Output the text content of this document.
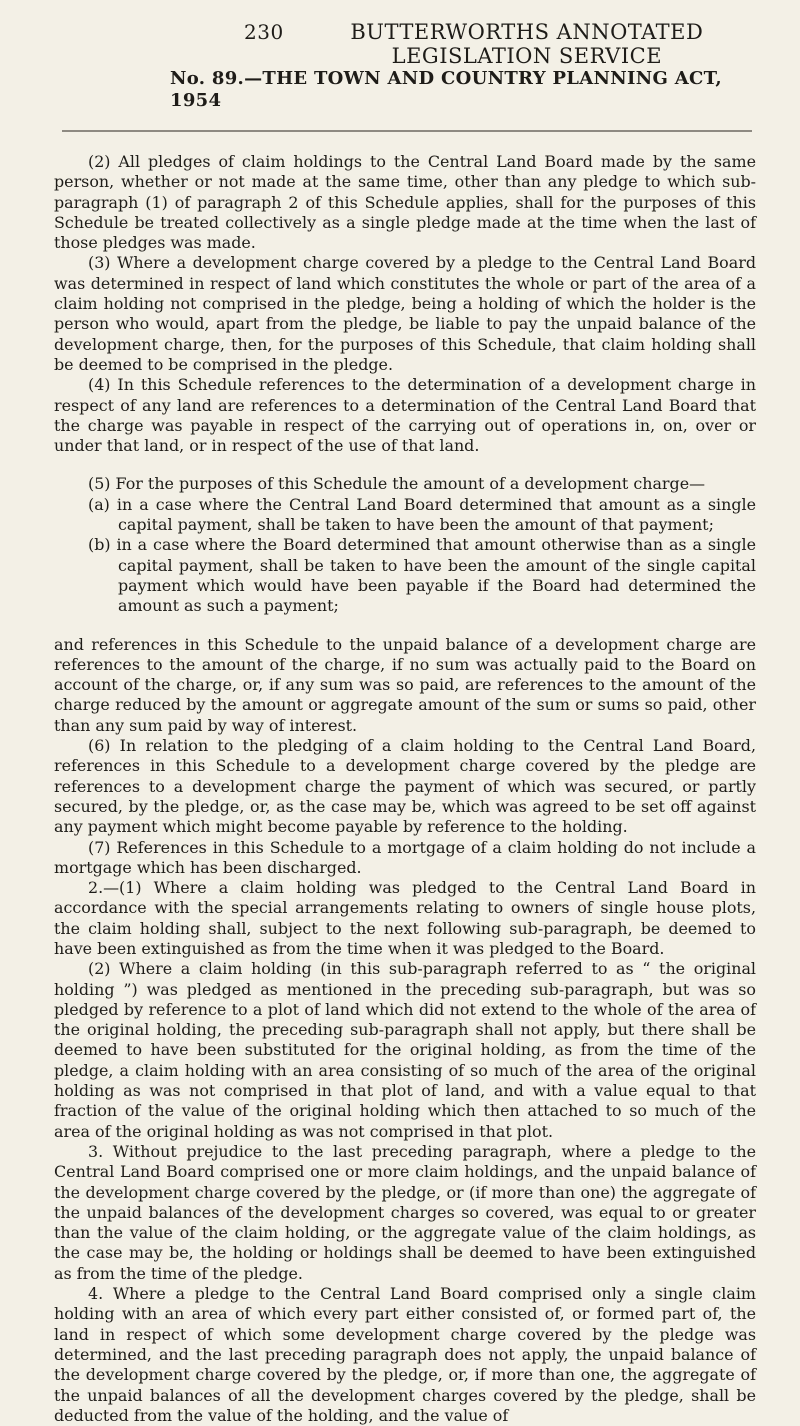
230	BUTTERWORTHS ANNOTATED LEGISLATION SERVICE
No. 89.—THE TOWN AND COUNTRY PLANNING ACT, 1954

(2) All pledges of claim holdings to the Central Land Board made by the same person, whether or not made at the same time, other than any pledge to which sub-paragraph (1) of paragraph 2 of this Schedule applies, shall for the purposes of this Schedule be treated collectively as a single pledge made at the time when the last of those pledges was made.

(3) Where a development charge covered by a pledge to the Central Land Board was determined in respect of land which constitutes the whole or part of the area of a claim holding not comprised in the pledge, being a holding of which the holder is the person who would, apart from the pledge, be liable to pay the unpaid balance of the development charge, then, for the purposes of this Schedule, that claim holding shall be deemed to be comprised in the pledge.

(4) In this Schedule references to the determination of a development charge in respect of any land are references to a determination of the Central Land Board that the charge was payable in respect of the carrying out of operations in, on, over or under that land, or in respect of the use of that land.

(5) For the purposes of this Schedule the amount of a development charge—

(a) in a case where the Central Land Board determined that amount as a single capital payment, shall be taken to have been the amount of that payment;

(b) in a case where the Board determined that amount otherwise than as a single capital payment, shall be taken to have been the amount of the single capital payment which would have been payable if the Board had determined the amount as such a payment;

and references in this Schedule to the unpaid balance of a development charge are references to the amount of the charge, if no sum was actually paid to the Board on account of the charge, or, if any sum was so paid, are references to the amount of the charge reduced by the amount or aggregate amount of the sum or sums so paid, other than any sum paid by way of interest.

(6) In relation to the pledging of a claim holding to the Central Land Board, references in this Schedule to a development charge covered by the pledge are references to a development charge the payment of which was secured, or partly secured, by the pledge, or, as the case may be, which was agreed to be set off against any payment which might become payable by reference to the holding.

(7) References in this Schedule to a mortgage of a claim holding do not include a mortgage which has been discharged.

2.—(1) Where a claim holding was pledged to the Central Land Board in accordance with the special arrangements relating to owners of single house plots, the claim holding shall, subject to the next following sub-paragraph, be deemed to have been extinguished as from the time when it was pledged to the Board.

(2) Where a claim holding (in this sub-paragraph referred to as “ the original holding ”) was pledged as mentioned in the preceding sub-paragraph, but was so pledged by reference to a plot of land which did not extend to the whole of the area of the original holding, the preceding sub-paragraph shall not apply, but there shall be deemed to have been substituted for the original holding, as from the time of the pledge, a claim holding with an area consisting of so much of the area of the original holding as was not comprised in that plot of land, and with a value equal to that fraction of the value of the original holding which then attached to so much of the area of the original holding as was not comprised in that plot.

3. Without prejudice to the last preceding paragraph, where a pledge to the Central Land Board comprised one or more claim holdings, and the unpaid balance of the development charge covered by the pledge, or (if more than one) the aggregate of the unpaid balances of the development charges so covered, was equal to or greater than the value of the claim holding, or the aggregate value of the claim holdings, as the case may be, the holding or holdings shall be deemed to have been extinguished as from the time of the pledge.

4. Where a pledge to the Central Land Board comprised only a single claim holding with an area of which every part either consisted of, or formed part of, the land in respect of which some development charge covered by the pledge was determined, and the last preceding paragraph does not apply, the unpaid balance of the development charge covered by the pledge, or, if more than one, the aggregate of the unpaid balances of all the development charges covered by the pledge, shall be deducted from the value of the holding, and the value of
